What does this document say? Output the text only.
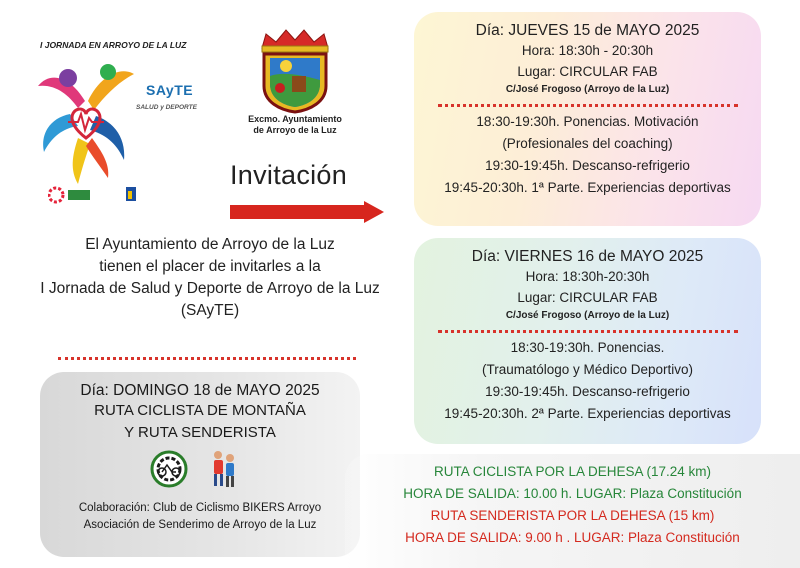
I JORNADA EN ARROYO DE LA LUZ
SAyTE
SALUD y DEPORTE
Excmo. Ayuntamiento
de Arroyo de la Luz
Invitación
El Ayuntamiento de Arroyo de la Luz
tienen el placer de invitarles a la
I Jornada de Salud y Deporte de Arroyo de la Luz
(SAyTE)
Día: JUEVES 15 de MAYO 2025
Hora: 18:30h - 20:30h
Lugar: CIRCULAR FAB
C/José Frogoso (Arroyo de la Luz)
18:30-19:30h. Ponencias. Motivación
(Profesionales del coaching)
19:30-19:45h. Descanso-refrigerio
19:45-20:30h. 1ª Parte. Experiencias deportivas
Día: VIERNES 16 de MAYO 2025
Hora: 18:30h-20:30h
Lugar: CIRCULAR FAB
C/José Frogoso (Arroyo de la Luz)
18:30-19:30h. Ponencias.
(Traumatólogo y Médico Deportivo)
19:30-19:45h. Descanso-refrigerio
19:45-20:30h. 2ª Parte. Experiencias deportivas
Día: DOMINGO 18 de MAYO 2025
RUTA CICLISTA DE MONTAÑA
Y RUTA SENDERISTA
Colaboración: Club de Ciclismo BIKERS Arroyo
Asociación de Senderimo de Arroyo de la Luz
RUTA CICLISTA POR LA DEHESA (17.24 km)
HORA DE SALIDA: 10.00 h. LUGAR: Plaza Constitución
RUTA SENDERISTA POR LA DEHESA (15 km)
HORA DE SALIDA: 9.00 h . LUGAR: Plaza Constitución
